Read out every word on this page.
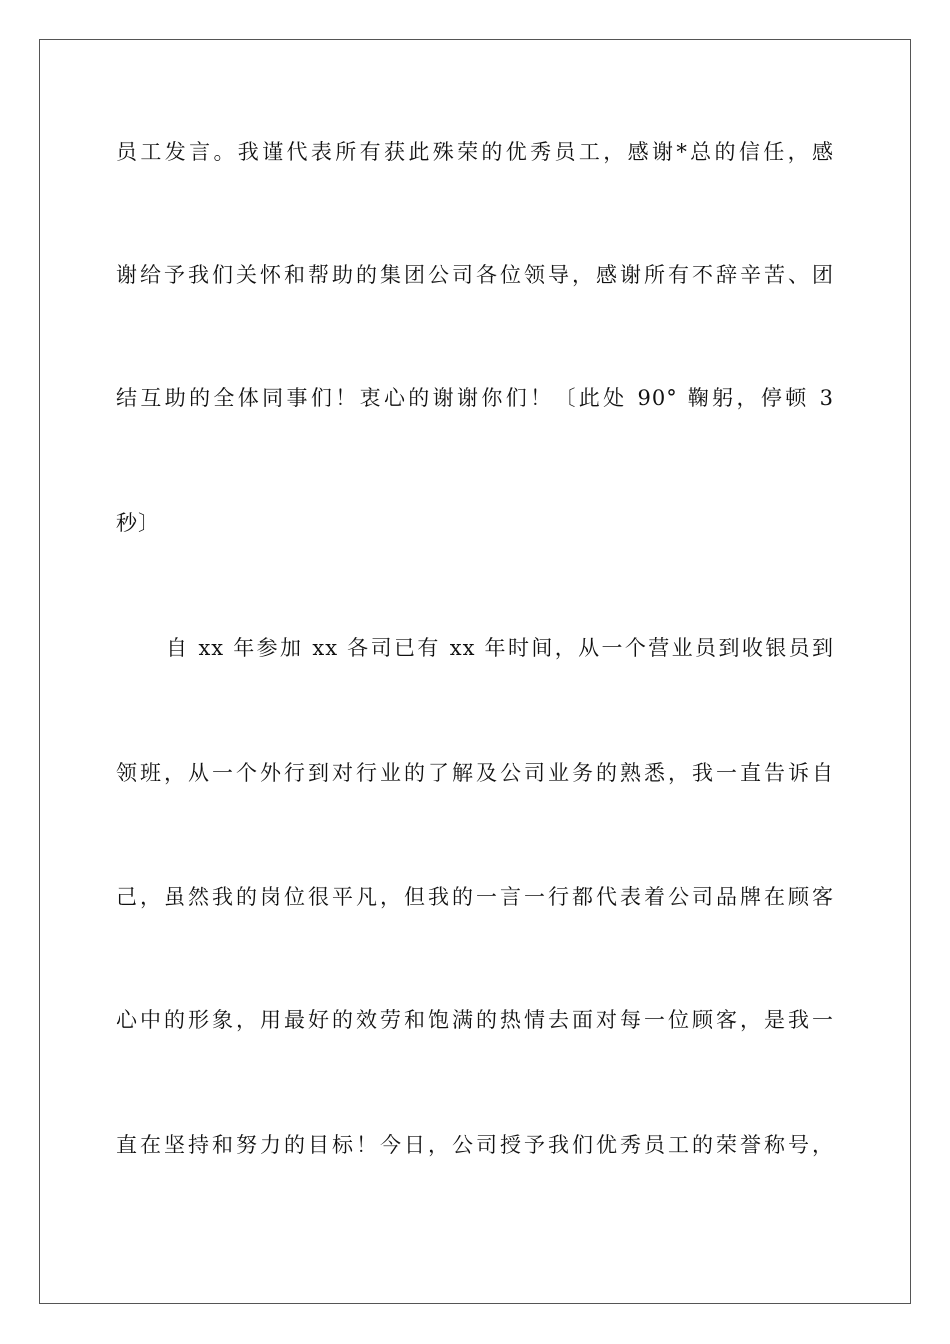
员工发言。我谨代表所有获此殊荣的优秀员工，感谢*总的信任，感
谢给予我们关怀和帮助的集团公司各位领导，感谢所有不辞辛苦、团
结互助的全体同事们！衷心的谢谢你们！〔此处 90° 鞠躬，停顿 3
秒〕
自 xx 年参加 xx 各司已有 xx 年时间，从一个营业员到收银员到
领班，从一个外行到对行业的了解及公司业务的熟悉，我一直告诉自
己，虽然我的岗位很平凡，但我的一言一行都代表着公司品牌在顾客
心中的形象，用最好的效劳和饱满的热情去面对每一位顾客，是我一
直在坚持和努力的目标！今日，公司授予我们优秀员工的荣誉称号，
